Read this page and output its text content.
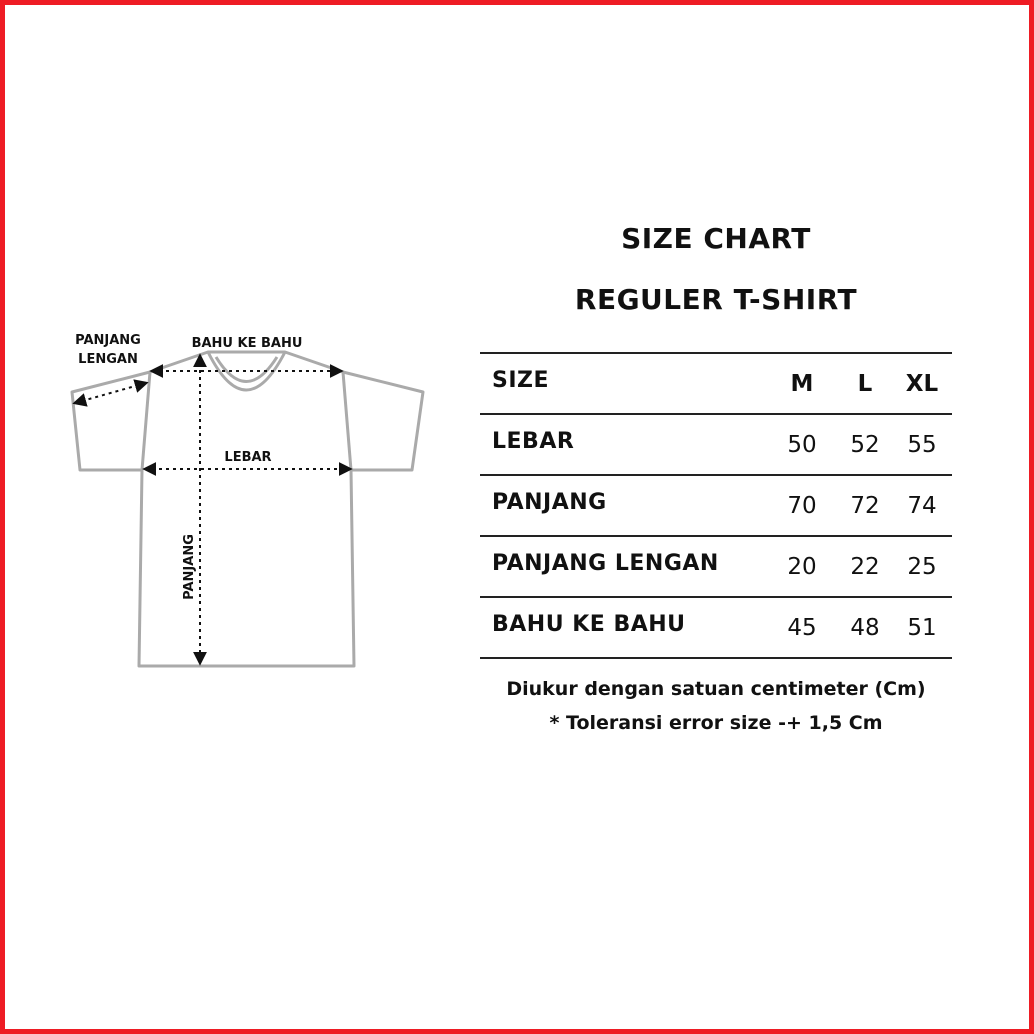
PANJANG
LENGAN
BAHU KE BAHU
LEBAR
PANJANG
SIZE CHART
REGULER T-SHIRT
SIZE	M	L	XL
LEBAR	50	52	55
PANJANG	70	72	74
PANJANG LENGAN	20	22	25
BAHU KE BAHU	45	48	51
Diukur dengan satuan centimeter (Cm)
* Toleransi error size -+ 1,5 Cm
